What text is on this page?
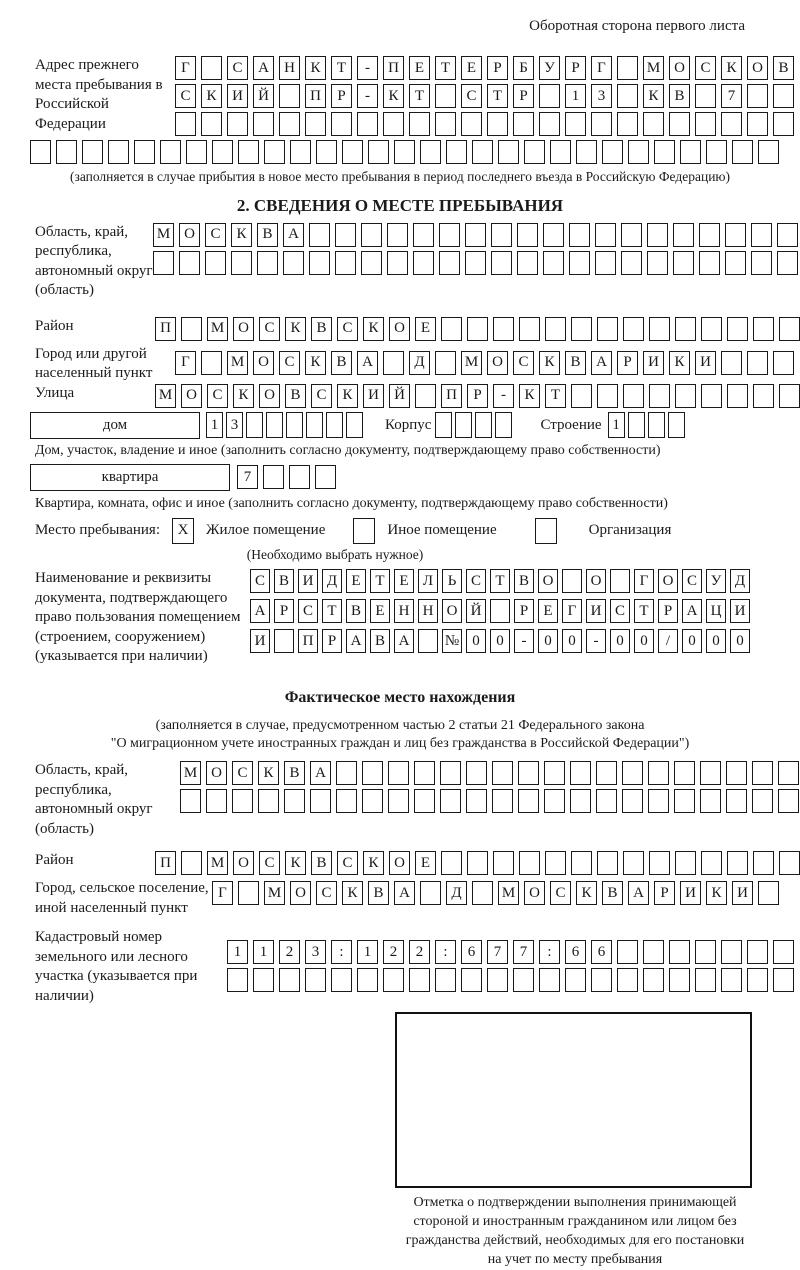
Оборотная сторона первого листа
Адрес прежнего места пребывания в Российской Федерации
Г	С	А	Н	К	Т	-	П	Е	Т	Е	Р	Б	У	Р	Г	М О	С	К	О	В
С	К	И	Й	П	Р	-	К	Т	С	Т	Р	1	3	К	В	7
(заполняется в случае прибытия в новое место пребывания в период последнего въезда в Российскую Федерацию)
2. СВЕДЕНИЯ О МЕСТЕ ПРЕБЫВАНИЯ
Область, край, республика, автономный округ (область)
М О	С	К	В	А
Район	П	М О	С	К	В	С	К	О	Е
Город или другой населенный пункт
Г	М О	С	К	В	А	Д	М О	С	К	В	А	Р	И	К	И
Улица	М О	С	К	О	В	С	К	И	Й	П	Р	-	К	Т
дом	1 3	Корпус	Строение 1
Дом, участок, владение и иное (заполнить согласно документу, подтверждающему право собственности)
квартира	7
Квартира, комната, офис и иное (заполнить согласно документу, подтверждающему право собственности)
Место пребывания:	X	Жилое помещение	Иное помещение	Организация
(Необходимо выбрать нужное)
Наименование и реквизиты документа, подтверждающего право пользования помещением (строением, сооружением) (указывается при наличии)
С В И Д Е Т Е Л Ь С Т В О	О	Г О С У Д
А Р С Т В Е Н Н О Й	Р	Е	Г И С Т	Р А Ц И
И	П Р А В А	№ 0	0	-	0	0	-	0	0	/	0	0	0
Фактическое место нахождения
(заполняется в случае, предусмотренном частью 2 статьи 21 Федерального закона
"О миграционном учете иностранных граждан и лиц без гражданства в Российской Федерации")
Область, край, республика, автономный округ (область)
М О	С	К	В	А
Район	П	М О	С	К	В	С	К	О	Е
Город, сельское поселение, иной населенный пункт
Г	М О	С	К	В	А	Д	М О	С	К	В	А	Р	И	К	И
Кадастровый номер земельного или лесного участка (указывается при наличии)
1	1	2	3	:	1	2	2	:	6	7	7	:	6	6
Отметка о подтверждении выполнения принимающей
стороной и иностранным гражданином или лицом без
гражданства действий, необходимых для его постановки
на учет по месту пребывания
